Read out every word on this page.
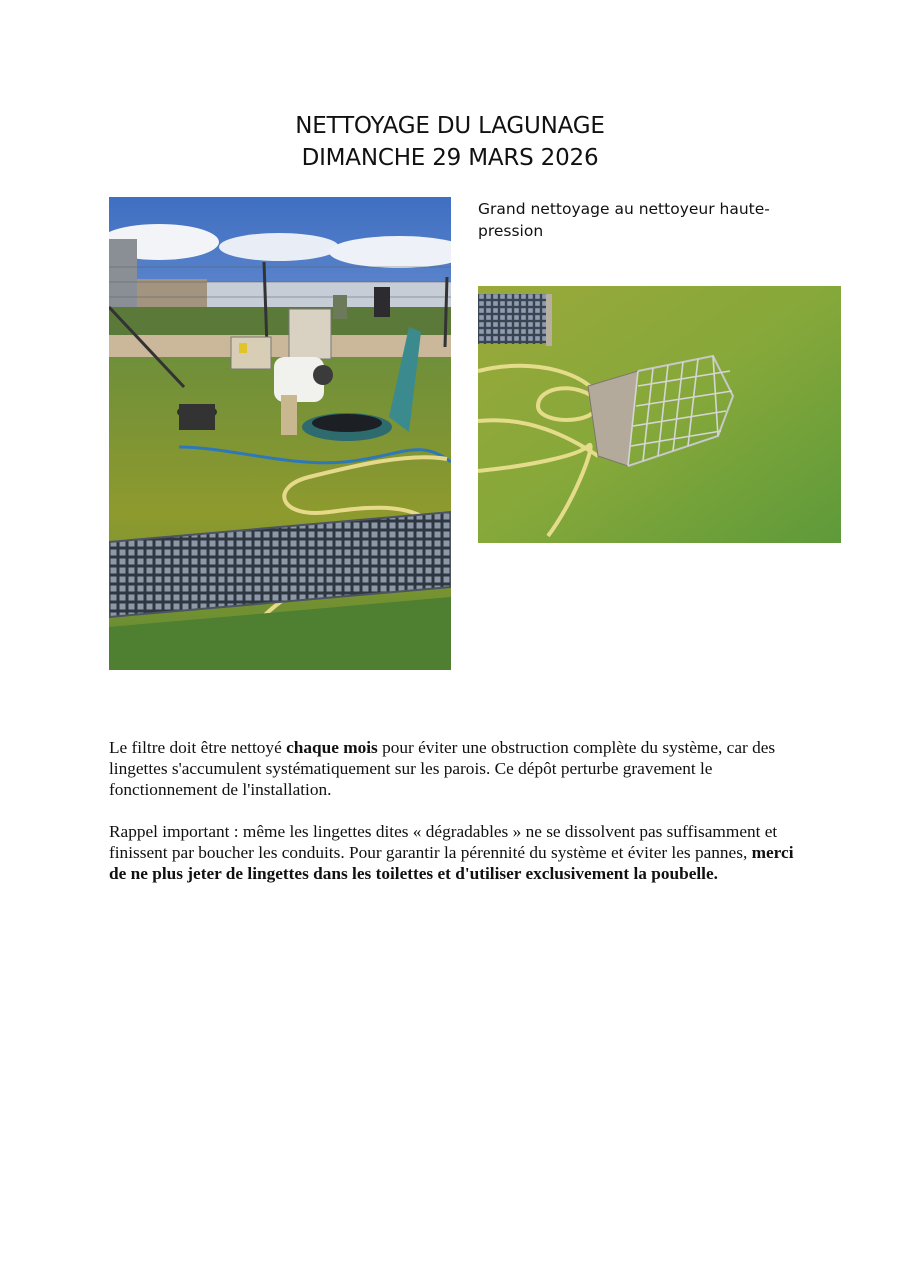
NETTOYAGE DU LAGUNAGE
DIMANCHE 29 MARS 2026
Grand nettoyage au nettoyeur haute-pression
Le filtre doit être nettoyé chaque mois pour éviter une obstruction complète du système, car des lingettes s'accumulent systématiquement sur les parois. Ce dépôt perturbe gravement le fonctionnement de l'installation.
Rappel important : même les lingettes dites « dégradables » ne se dissolvent pas suffisamment et finissent par boucher les conduits. Pour garantir la pérennité du système et éviter les pannes, merci de ne plus jeter de lingettes dans les toilettes et d'utiliser exclusivement la poubelle.
